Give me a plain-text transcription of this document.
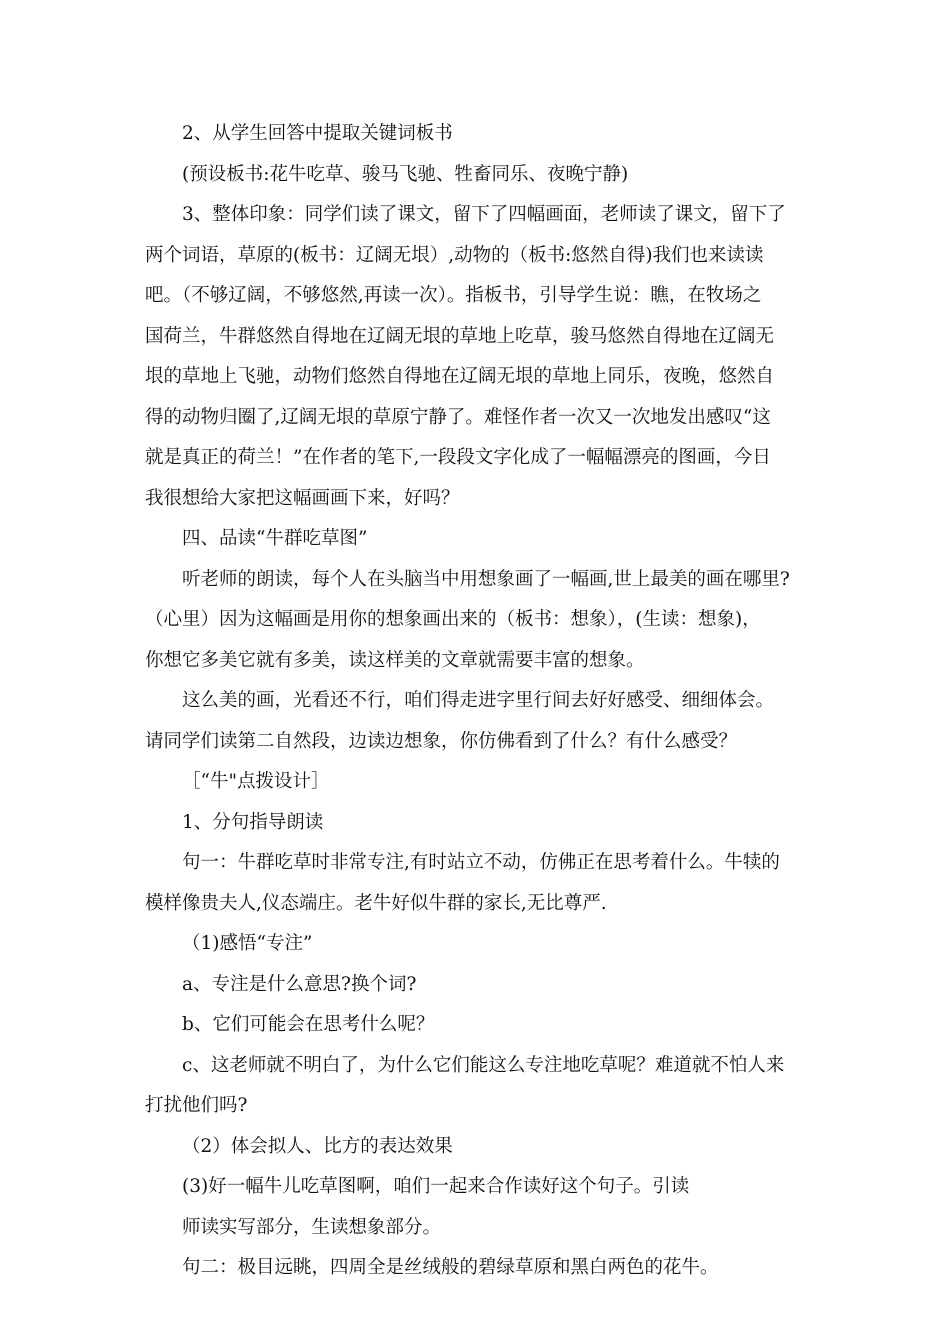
2、从学生回答中提取关键词板书
(预设板书:花牛吃草、骏马飞驰、牲畜同乐、夜晚宁静)
3、整体印象：同学们读了课文，留下了四幅画面，老师读了课文，留下了
两个词语，草原的(板书：辽阔无垠）,动物的（板书:悠然自得)我们也来读读
吧。（不够辽阔，不够悠然,再读一次）。指板书，引导学生说：瞧，在牧场之
国荷兰，牛群悠然自得地在辽阔无垠的草地上吃草，骏马悠然自得地在辽阔无
垠的草地上飞驰，动物们悠然自得地在辽阔无垠的草地上同乐，夜晚，悠然自
得的动物归圈了,辽阔无垠的草原宁静了。难怪作者一次又一次地发出感叹“这
就是真正的荷兰！”在作者的笔下,一段段文字化成了一幅幅漂亮的图画，今日
我很想给大家把这幅画画下来，好吗？
四、品读“牛群吃草图”
听老师的朗读，每个人在头脑当中用想象画了一幅画,世上最美的画在哪里?
（心里）因为这幅画是用你的想象画出来的（板书：想象），(生读：想象)，
你想它多美它就有多美，读这样美的文章就需要丰富的想象。
这么美的画，光看还不行，咱们得走进字里行间去好好感受、细细体会。
请同学们读第二自然段，边读边想象，你仿佛看到了什么？有什么感受？
［“牛"点拨设计］
1、分句指导朗读
句一：牛群吃草时非常专注,有时站立不动，仿佛正在思考着什么。牛犊的
模样像贵夫人,仪态端庄。老牛好似牛群的家长,无比尊严.
（1)感悟“专注”
a、专注是什么意思?换个词?
b、它们可能会在思考什么呢？
c、这老师就不明白了，为什么它们能这么专注地吃草呢？难道就不怕人来
打扰他们吗?
（2）体会拟人、比方的表达效果
(3)好一幅牛儿吃草图啊，咱们一起来合作读好这个句子。引读
师读实写部分，生读想象部分。
句二：极目远眺，四周全是丝绒般的碧绿草原和黑白两色的花牛。
